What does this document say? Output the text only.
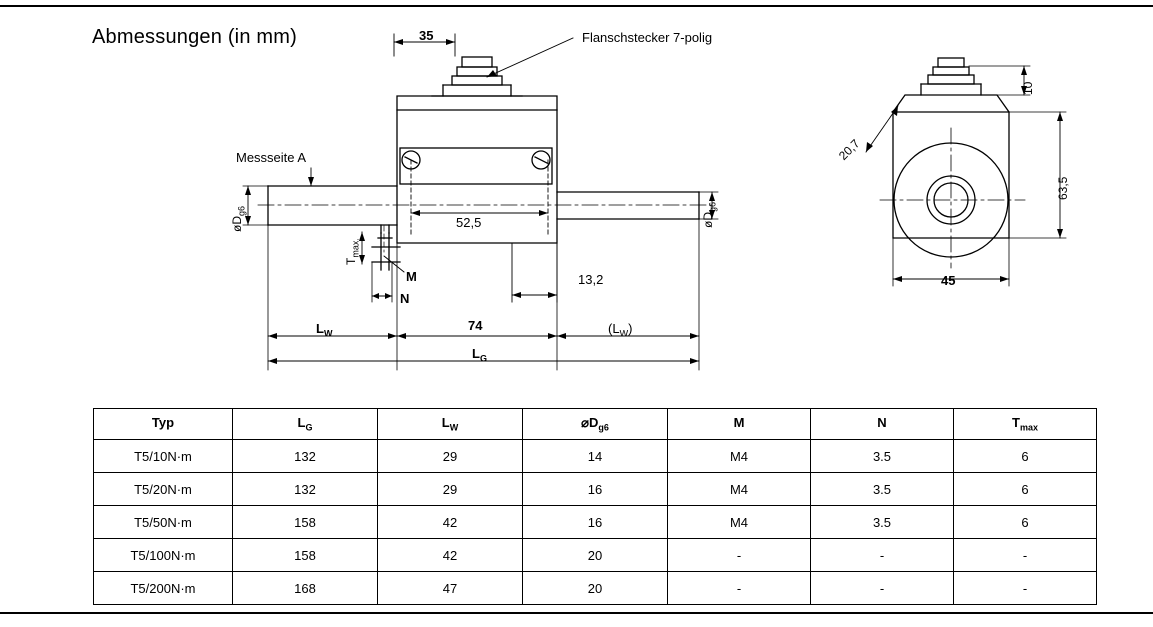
Abmessungen (in mm)	Flanschstecker 7-polig
Messseite A
35
52,5
13,2
74
$L_W$	$(L_W)$
$L_G$
$øD_{g6}$
$øD_{g6}$
$T_{max.}$
M
N
10
20,7
63,5
45
Typ	$L_G$	$L_W$	$⌀D_{g6}$	M	N	$T_{max}$
T5/10N·m	132	29	14	M4	3.5	6
T5/20N·m	132	29	16	M4	3.5	6
T5/50N·m	158	42	16	M4	3.5	6
T5/100N·m	158	42	20	-	-	-
T5/200N·m	168	47	20	-	-	-
